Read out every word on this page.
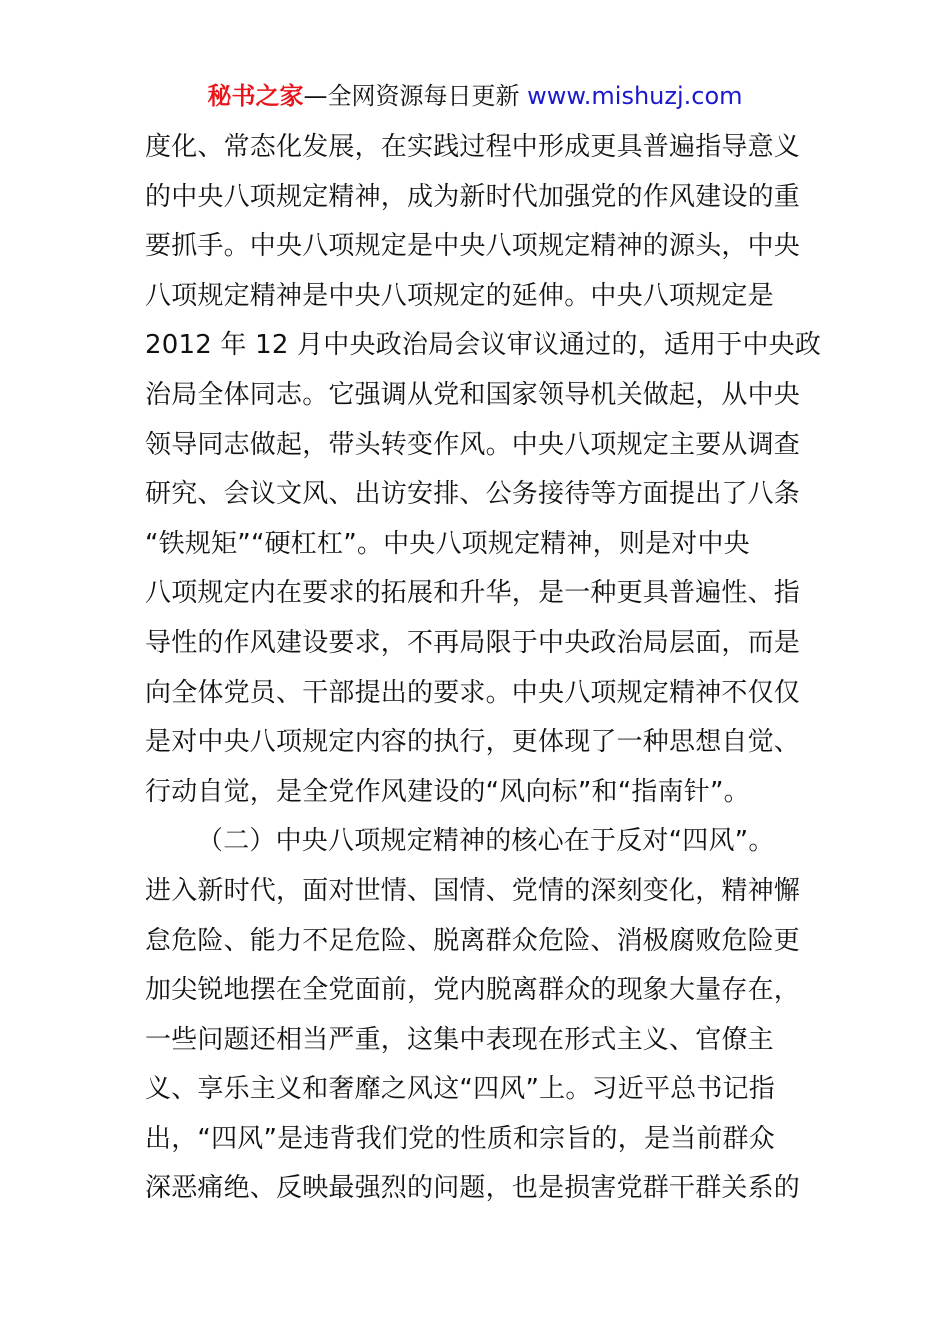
秘书之家—全网资源每日更新 www.mishuzj.com
度化、常态化发展，在实践过程中形成更具普遍指导意义
的中央八项规定精神，成为新时代加强党的作风建设的重
要抓手。中央八项规定是中央八项规定精神的源头，中央
八项规定精神是中央八项规定的延伸。中央八项规定是
2012 年 12 月中央政治局会议审议通过的，适用于中央政
治局全体同志。它强调从党和国家领导机关做起，从中央
领导同志做起，带头转变作风。中央八项规定主要从调查
研究、会议文风、出访安排、公务接待等方面提出了八条
“铁规矩”“硬杠杠”。中央八项规定精神，则是对中央
八项规定内在要求的拓展和升华，是一种更具普遍性、指
导性的作风建设要求，不再局限于中央政治局层面，而是
向全体党员、干部提出的要求。中央八项规定精神不仅仅
是对中央八项规定内容的执行，更体现了一种思想自觉、
行动自觉，是全党作风建设的“风向标”和“指南针”。
（二）中央八项规定精神的核心在于反对“四风”。
进入新时代，面对世情、国情、党情的深刻变化，精神懈
怠危险、能力不足危险、脱离群众危险、消极腐败危险更
加尖锐地摆在全党面前，党内脱离群众的现象大量存在，
一些问题还相当严重，这集中表现在形式主义、官僚主
义、享乐主义和奢靡之风这“四风”上。习近平总书记指
出，“四风”是违背我们党的性质和宗旨的，是当前群众
深恶痛绝、反映最强烈的问题，也是损害党群干群关系的
